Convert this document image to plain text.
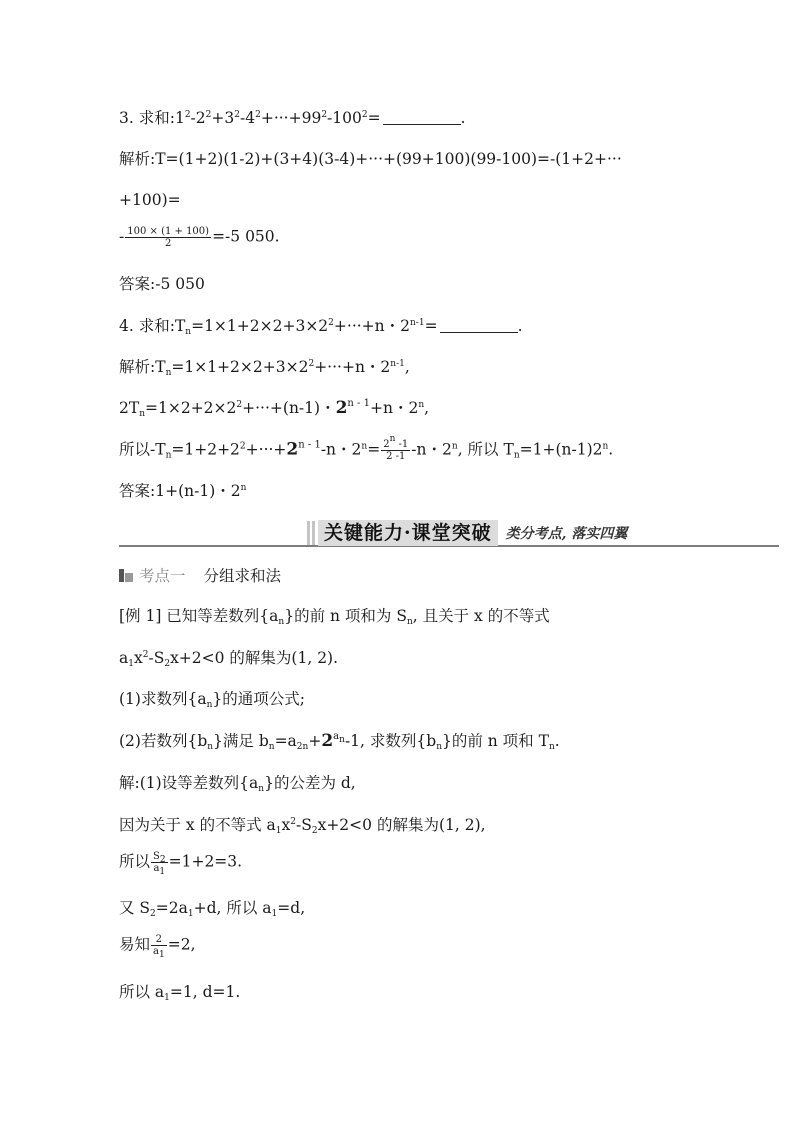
3. 求和$:1^2-2^2+3^2-4^2+\cdot\cdot\cdot+99^2-100^2=$	.
解析:T=(1+2)(1-2)+(3+4)(3-4)+···+(99+100)(99-100)=-(1+2+···
+100)=
- $\frac{100 \times (1 + 100)}{2} =-5$ 050.
答案:-5 050
4. 求和$:T_n=1\times 1+2\times 2+3\times 2^2+\cdot\cdot\cdot+n$・$2^{n-1}=$	.
解析$:T_n=1\times 1+2\times 2+3\times 2^2+\cdot\cdot\cdot+n$・2$^{n-1}$,
$2T_n=1\times 2+2\times 2^2+\cdot\cdot\cdot+(n-1)$・$2^{n - 1}+n$・2$^n$,
所以$-T_n=1+2+2^2+\cdot\cdot\cdot+2^{n - 1}-n$・$2^n= \frac{2^n -1}{2 -1} -n$・2$^n$, 所以 $T_n=1+(n-1)2^n$.
答案:1+(n-1)・2$^n$
关键能力·课堂突破	类分考点, 落实四翼
考点一 分组求和法
[例 1] 已知等差数列$\{a_n\}$的前 n 项和为 $S_n$, 且关于 x 的不等式
$a_1x^2-S_2x+2<0$ 的解集为(1, 2).
(1)求数列$\{a_n\}$的通项公式;
(2)若数列$\{b_n\}$满足 $b_n=a_{2n}+2^{a_n}-1$, 求数列$\{b_n\}$的前 n 项和 $T_n$.
解:(1)设等差数列$\{a_n\}$的公差为 d,
因为关于 x 的不等式 $a_1x^2-S_2x+2<0$ 的解集为(1, 2),
所以 $\frac{S_2}{a_1} =1+2=3$.
又 $S_2=2a_1+d$, 所以 $a_1=d$,
易知 $\frac{2}{a_1} =2$,
所以 $a_1=1$, d=1.
